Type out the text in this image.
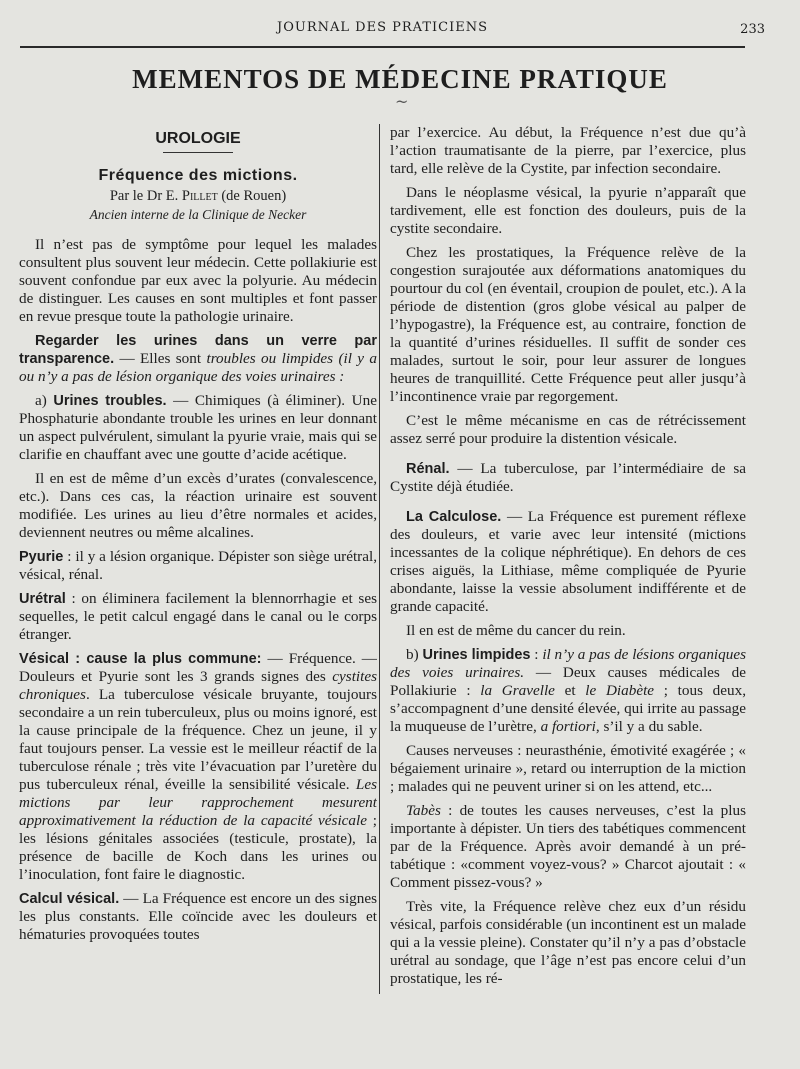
JOURNAL DES PRATICIENS	233
MEMENTOS DE MÉDECINE PRATIQUE
~
UROLOGIE
Fréquence des mictions.
Par le Dr E. Pillet (de Rouen)
Ancien interne de la Clinique de Necker

Il n’est pas de symptôme pour lequel les malades consultent plus souvent leur médecin. Cette pollakiurie est souvent confondue par eux avec la polyurie. Au médecin de distinguer. Les causes en sont multiples et font passer en revue presque toute la pathologie urinaire.

Regarder les urines dans un verre par transparence. — Elles sont troubles ou limpides (il y a ou n’y a pas de lésion organique des voies urinaires :

a) Urines troubles. — Chimiques (à éliminer). Une Phosphaturie abondante trouble les urines en leur donnant un aspect pulvérulent, simulant la pyurie vraie, mais qui se clarifie en chauffant avec une goutte d’acide acétique.

Il en est de même d’un excès d’urates (convalescence, etc.). Dans ces cas, la réaction urinaire est souvent modifiée. Les urines au lieu d’être normales et acides, deviennent neutres ou même alcalines.

Pyurie : il y a lésion organique. Dépister son siège urétral, vésical, rénal.

Urétral : on éliminera facilement la blennorrhagie et ses sequelles, le petit calcul engagé dans le canal ou le corps étranger.

Vésical : cause la plus commune: — Fréquence. — Douleurs et Pyurie sont les 3 grands signes des cystites chroniques. La tuberculose vésicale bruyante, toujours secondaire a un rein tuberculeux, plus ou moins ignoré, est la cause principale de la fréquence. Chez un jeune, il y faut toujours penser. La vessie est le meilleur réactif de la tuberculose rénale ; très vite l’évacuation par l’uretère du pus tuberculeux rénal, éveille la sensibilité vésicale. Les mictions par leur rapprochement mesurent approximativement la réduction de la capacité vésicale ; les lésions génitales associées (testicule, prostate), la présence de bacille de Koch dans les urines ou l’inoculation, font faire le diagnostic.

Calcul vésical. — La Fréquence est encore un des signes les plus constants. Elle coïncide avec les douleurs et hématuries provoquées toutes

par l’exercice. Au début, la Fréquence n’est due qu’à l’action traumatisante de la pierre, par l’exercice, plus tard, elle relève de la Cystite, par infection secondaire.

Dans le néoplasme vésical, la pyurie n’apparaît que tardivement, elle est fonction des douleurs, puis de la cystite secondaire.

Chez les prostatiques, la Fréquence relève de la congestion surajoutée aux déformations anatomiques du pourtour du col (en éventail, croupion de poulet, etc.). A la période de distention (gros globe vésical au palper de l’hypogastre), la Fréquence est, au contraire, fonction de la quantité d’urines résiduelles. Il suffit de sonder ces malades, surtout le soir, pour leur assurer de longues heures de tranquillité. Cette Fréquence peut aller jusqu’à l’incontinence vraie par regorgement.

C’est le même mécanisme en cas de rétrécissement assez serré pour produire la distention vésicale.

Rénal. — La tuberculose, par l’intermédiaire de sa Cystite déjà étudiée.

La Calculose. — La Fréquence est purement réflexe des douleurs, et varie avec leur intensité (mictions incessantes de la colique néphrétique). En dehors de ces crises aiguës, la Lithiase, même compliquée de Pyurie abondante, laisse la vessie absolument indifférente et de grande capacité.

Il en est de même du cancer du rein.

b) Urines limpides : il n’y a pas de lésions organiques des voies urinaires. — Deux causes médicales de Pollakiurie : la Gravelle et le Diabète ; tous deux, s’accompagnent d’une densité élevée, qui irrite au passage la muqueuse de l’urètre, a fortiori, s’il y a du sable.

Causes nerveuses : neurasthénie, émotivité exagérée ; « bégaiement urinaire », retard ou interruption de la miction ; malades qui ne peuvent uriner si on les attend, etc...

Tabès : de toutes les causes nerveuses, c’est la plus importante à dépister. Un tiers des tabétiques commencent par de la Fréquence. Après avoir demandé à un pré-tabétique : «comment voyez-vous? » Charcot ajoutait : « Comment pissez-vous? »

Très vite, la Fréquence relève chez eux d’un résidu vésical, parfois considérable (un incontinent est un malade qui a la vessie pleine). Constater qu’il n’y a pas d’obstacle urétral au sondage, que l’âge n’est pas encore celui d’un prostatique, les ré-
